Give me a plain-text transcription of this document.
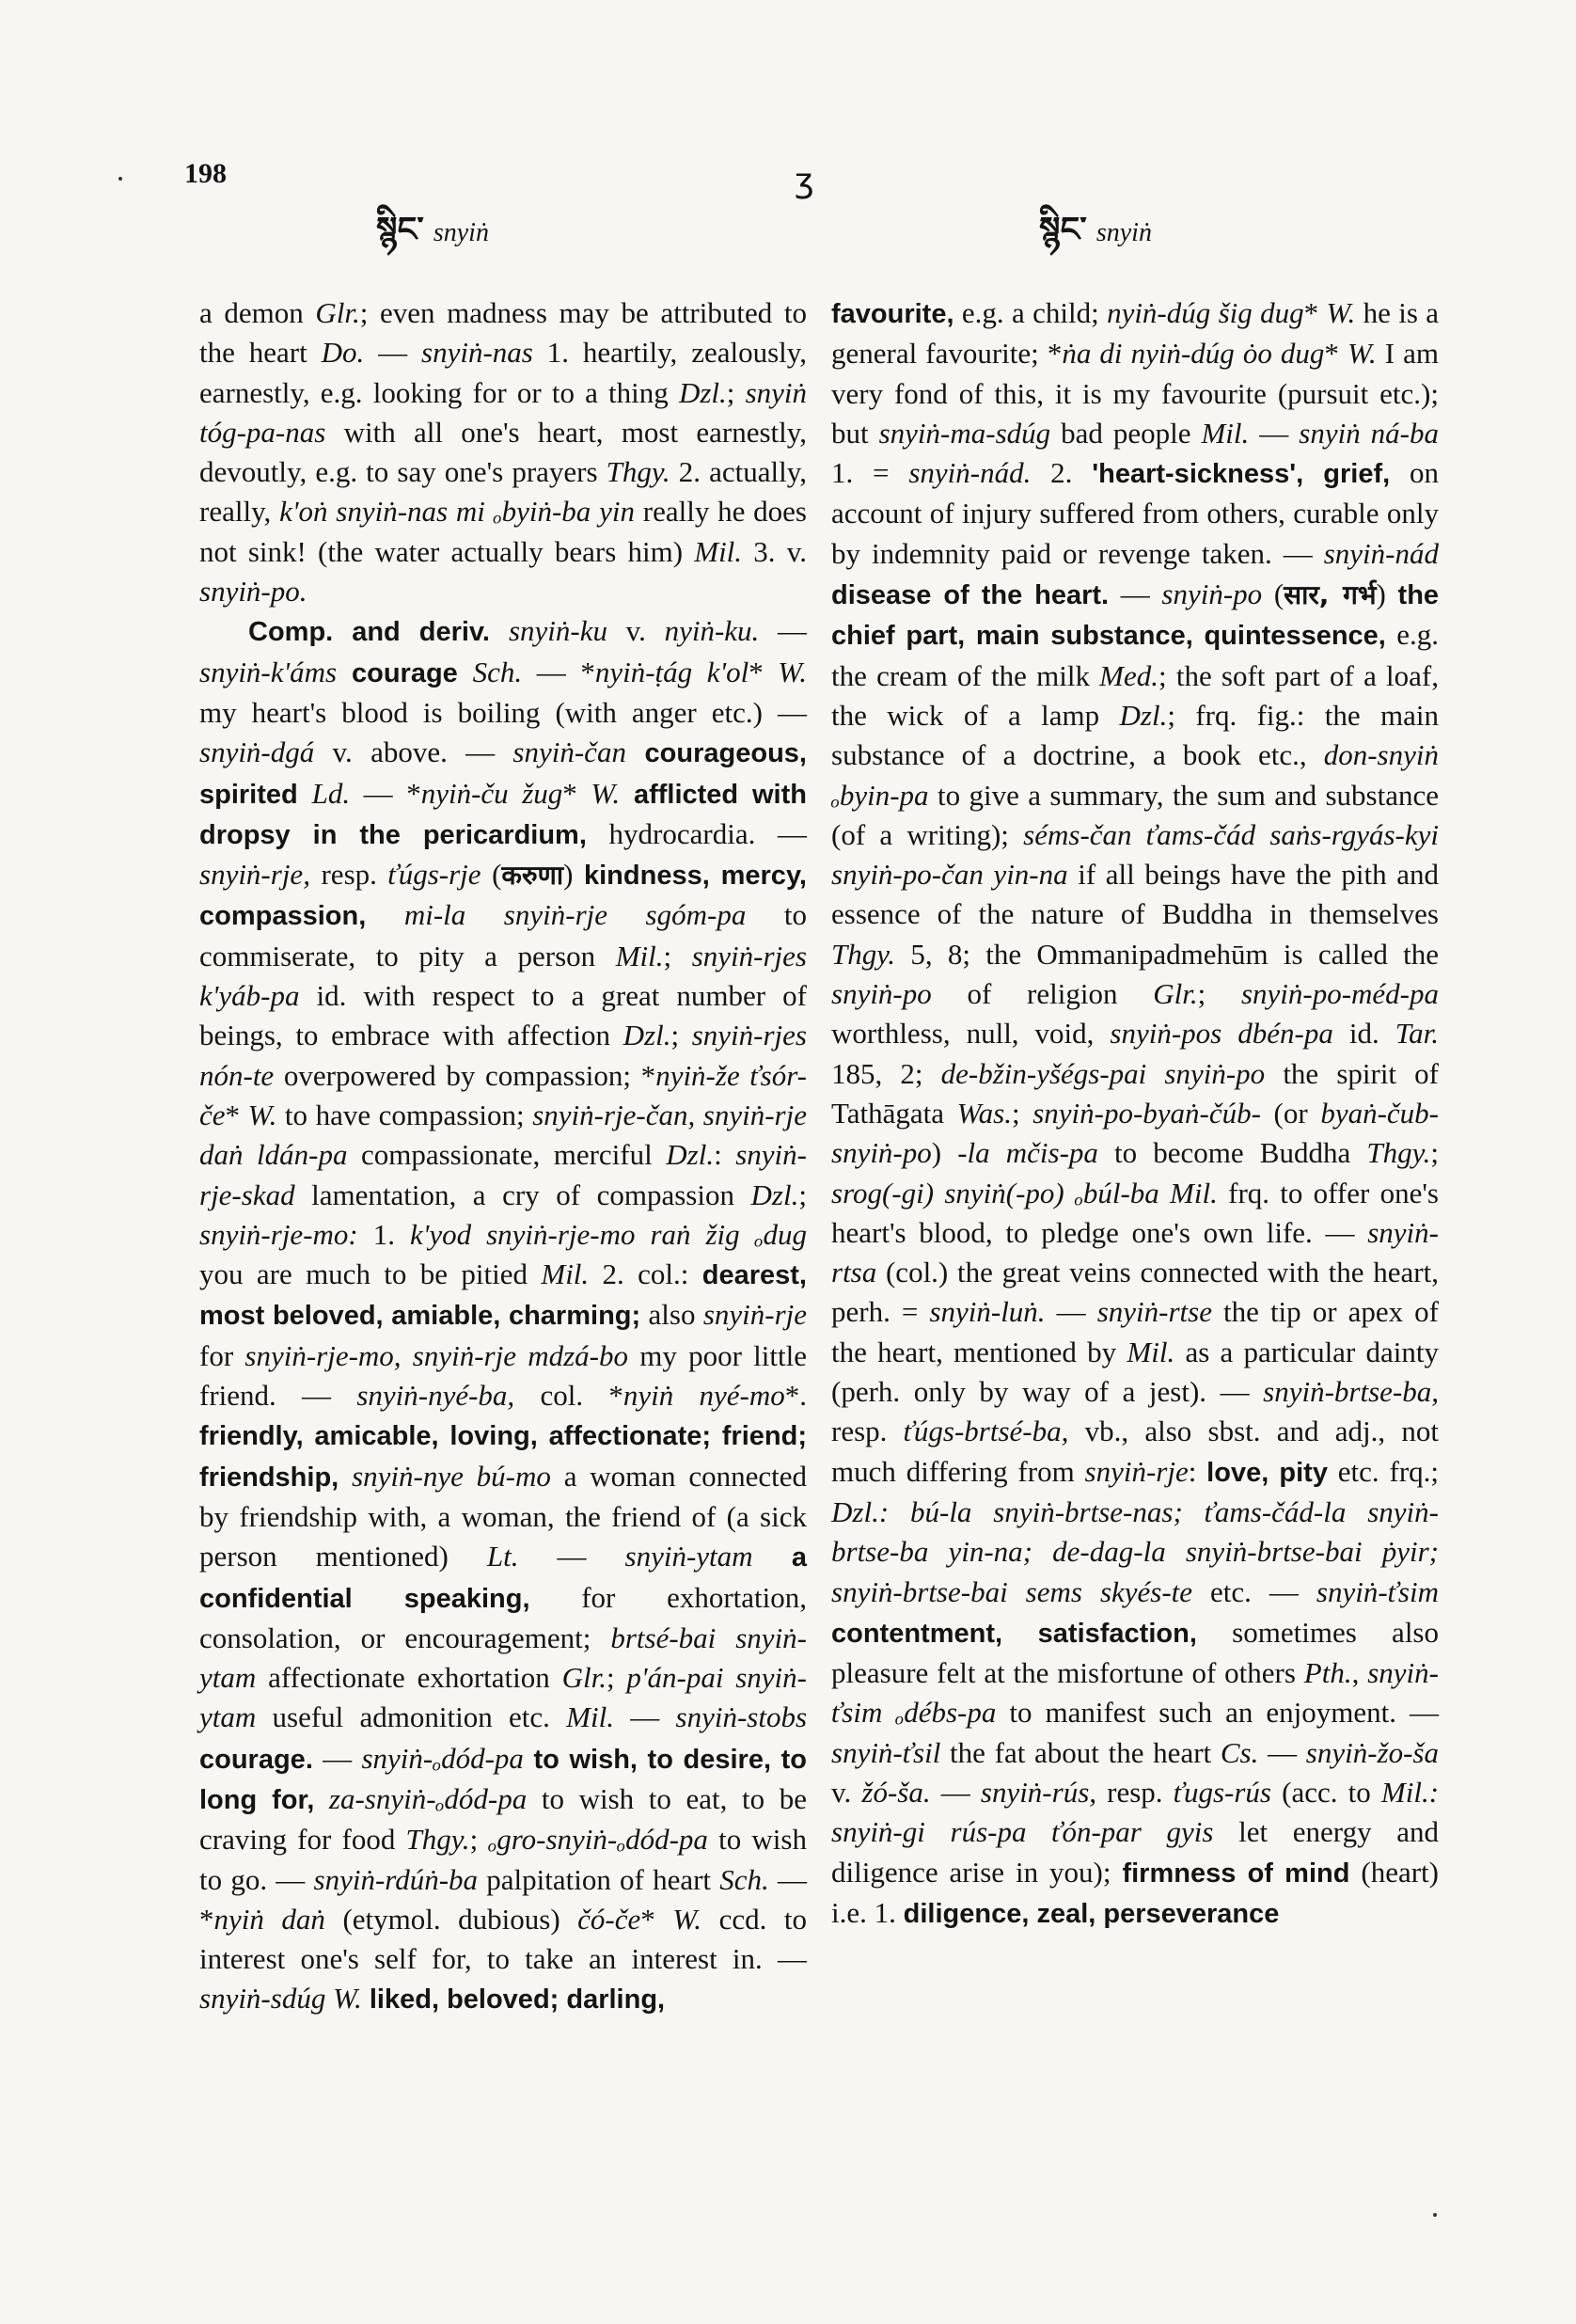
198	ʒ
སྙིང་ snyiṅ	སྙིང་ snyiṅ

a demon Glr.; even madness may be attributed to the heart Do. — snyiṅ-nas 1. heartily, zealously, earnestly, e.g. looking for or to a thing Dzl.; snyiṅ tóg-pa-nas with all one's heart, most earnestly, devoutly, e.g. to say one's prayers Thgy. 2. actually, really, k'oṅ snyiṅ-nas mi ₒbyiṅ-ba yin really he does not sink! (the water actually bears him) Mil. 3. v. snyiṅ-po.

Comp. and deriv. snyiṅ-ku v. nyiṅ-ku. — snyiṅ-k'áms courage Sch. — *nyiṅ-ṭág k'ol* W. my heart's blood is boiling (with anger etc.) — snyiṅ-dgá v. above. — snyiṅ-čan courageous, spirited Ld. — *nyiṅ-ču žug* W. afflicted with dropsy in the pericardium, hydrocardia. — snyiṅ-rje, resp. ťúgs-rje (करुणा) kindness, mercy, compassion, mi-la snyiṅ-rje sgóm-pa to commiserate, to pity a person Mil.; snyiṅ-rjes k'yáb-pa id. with respect to a great number of beings, to embrace with affection Dzl.; snyiṅ-rjes nón-te overpowered by compassion; *nyiṅ-že ťsór-če* W. to have compassion; snyiṅ-rje-čan, snyiṅ-rje daṅ ldán-pa compassionate, merciful Dzl.: snyiṅ-rje-skad lamentation, a cry of compassion Dzl.; snyiṅ-rje-mo: 1. k'yod snyiṅ-rje-mo raṅ žig ₒdug you are much to be pitied Mil. 2. col.: dearest, most beloved, amiable, charming; also snyiṅ-rje for snyiṅ-rje-mo, snyiṅ-rje mdzá-bo my poor little friend. — snyiṅ-nyé-ba, col. *nyiṅ nyé-mo*. friendly, amicable, loving, affectionate; friend; friendship, snyiṅ-nye bú-mo a woman connected by friendship with, a woman, the friend of (a sick person mentioned) Lt. — snyiṅ-ytam a confidential speaking, for exhortation, consolation, or encouragement; brtsé-bai snyiṅ-ytam affectionate exhortation Glr.; p'án-pai snyiṅ-ytam useful admonition etc. Mil. — snyiṅ-stobs courage. — snyiṅ-ₒdód-pa to wish, to desire, to long for, za-snyiṅ-ₒdód-pa to wish to eat, to be craving for food Thgy.; ₒgro-snyiṅ-ₒdód-pa to wish to go. — snyiṅ-rdúṅ-ba palpitation of heart Sch. — *nyiṅ daṅ (etymol. dubious) čó-če* W. ccd. to interest one's self for, to take an interest in. — snyiṅ-sdúg W. liked, beloved; darling,

favourite, e.g. a child; nyiṅ-dúg šig dug* W. he is a general favourite; *ṅa di nyiṅ-dúg ȯo dug* W. I am very fond of this, it is my favourite (pursuit etc.); but snyiṅ-ma-sdúg bad people Mil. — snyiṅ ná-ba 1. = snyiṅ-nád. 2. 'heart-sickness', grief, on account of injury suffered from others, curable only by indemnity paid or revenge taken. — snyiṅ-nád disease of the heart. — snyiṅ-po (सार, गर्भ) the chief part, main substance, quintessence, e.g. the cream of the milk Med.; the soft part of a loaf, the wick of a lamp Dzl.; frq. fig.: the main substance of a doctrine, a book etc., don-snyiṅ ₒbyin-pa to give a summary, the sum and substance (of a writing); séms-čan ťams-čád saṅs-rgyás-kyi snyiṅ-po-čan yin-na if all beings have the pith and essence of the nature of Buddha in themselves Thgy. 5, 8; the Ommanipadmehūm is called the snyiṅ-po of religion Glr.; snyiṅ-po-méd-pa worthless, null, void, snyiṅ-pos dbén-pa id. Tar. 185, 2; de-bžin-yšégs-pai snyiṅ-po the spirit of Tathāgata Was.; snyiṅ-po-byaṅ-čúb- (or byaṅ-čub-snyiṅ-po) -la mčis-pa to become Buddha Thgy.; srog(-gi) snyiṅ(-po) ₒbúl-ba Mil. frq. to offer one's heart's blood, to pledge one's own life. — snyiṅ-rtsa (col.) the great veins connected with the heart, perh. = snyiṅ-luṅ. — snyiṅ-rtse the tip or apex of the heart, mentioned by Mil. as a particular dainty (perh. only by way of a jest). — snyiṅ-brtse-ba, resp. ťúgs-brtsé-ba, vb., also sbst. and adj., not much differing from snyiṅ-rje: love, pity etc. frq.; Dzl.: bú-la snyiṅ-brtse-nas; ťams-čád-la snyiṅ-brtse-ba yin-na; de-dag-la snyiṅ-brtse-bai ṗyir; snyiṅ-brtse-bai sems skyés-te etc. — snyiṅ-ťsim contentment, satisfaction, sometimes also pleasure felt at the misfortune of others Pth., snyiṅ-ťsim ₒdébs-pa to manifest such an enjoyment. — snyiṅ-ťsil the fat about the heart Cs. — snyiṅ-žo-ša v. žó-ša. — snyiṅ-rús, resp. ťugs-rús (acc. to Mil.: snyiṅ-gi rús-pa ťón-par gyis let energy and diligence arise in you); firmness of mind (heart) i.e. 1. diligence, zeal, perseverance
